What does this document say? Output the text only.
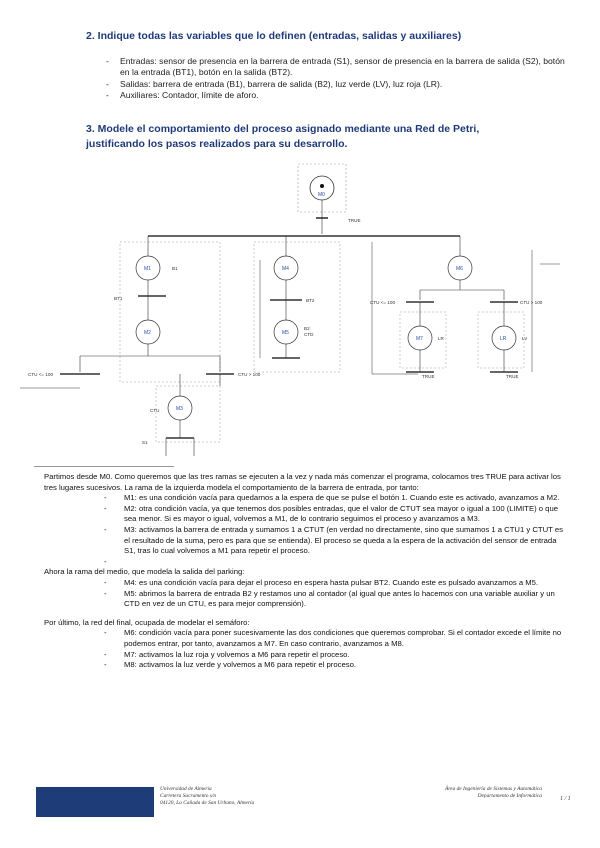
2. Indique todas las variables que lo definen (entradas, salidas y auxiliares)
- Entradas: sensor de presencia en la barrera de entrada (S1), sensor de presencia en la barrera de salida (S2), botón en la entrada (BT1), botón en la salida (BT2).
- Salidas: barrera de entrada (B1), barrera de salida (B2), luz verde (LV), luz roja (LR).
- Auxiliares: Contador, límite de aforo.
3. Modele el comportamiento del proceso asignado mediante una Red de Petri, justificando los pasos realizados para su desarrollo.
M0
TRUE
M1	B1
BT1
M2
CTU <= 100	CTU > 100
M3
CTU
S1
M4
BT2
M5
B2
CTD
M6
CTU <= 100	CTU > 100
M7	LR
LR	LV
TRUE	TRUE

Partimos desde M0. Como queremos que las tres ramas se ejecuten a la vez y nada más comenzar el programa, colocamos tres TRUE para activar los tres lugares sucesivos. La rama de la izquierda modela el comportamiento de la barrera de entrada, por tanto:

- M1: es una condición vacía para quedarnos a la espera de que se pulse el botón 1. Cuando este es activado, avanzamos a M2.
- M2: otra condición vacía, ya que tenemos dos posibles entradas, que el valor de CTUT sea mayor o igual a 100 (LIMITE) o que sea menor. Si es mayor o igual, volvemos a M1, de lo contrario seguimos el proceso y avanzamos a M3.
- M3: activamos la barrera de entrada y sumamos 1 a CTUT (en verdad no directamente, sino que sumamos 1 a CTU1 y CTUT es el resultado de la suma, pero es para que se entienda). El proceso se queda a la espera de la activación del sensor de entrada S1, tras lo cual volvemos a M1 para repetir el proceso.
-

Ahora la rama del medio, que modela la salida del parking:

- M4: es una condición vacía para dejar el proceso en espera hasta pulsar BT2. Cuando este es pulsado avanzamos a M5.
- M5: abrimos la barrera de entrada B2 y restamos uno al contador (al igual que antes lo hacemos con una variable auxiliar y un CTD en vez de un CTU, es para mejor comprensión).

Por último, la red del final, ocupada de modelar el semáforo:

- M6: condición vacía para poner sucesivamente las dos condiciones que queremos comprobar. Si el contador excede el límite no podemos entrar, por tanto, avanzamos a M7. En caso contrario, avanzamos a M8.
- M7: activamos la luz roja y volvemos a M6 para repetir el proceso.
- M8: activamos la luz verde y volvemos a M6 para repetir el proceso.
Universidad de Almería
Carretera Sacramento s/n
04120, La Cañada de San Urbano, Almería
Área de Ingeniería de Sistemas y Automática
Departamento de Informática	1 / 1
